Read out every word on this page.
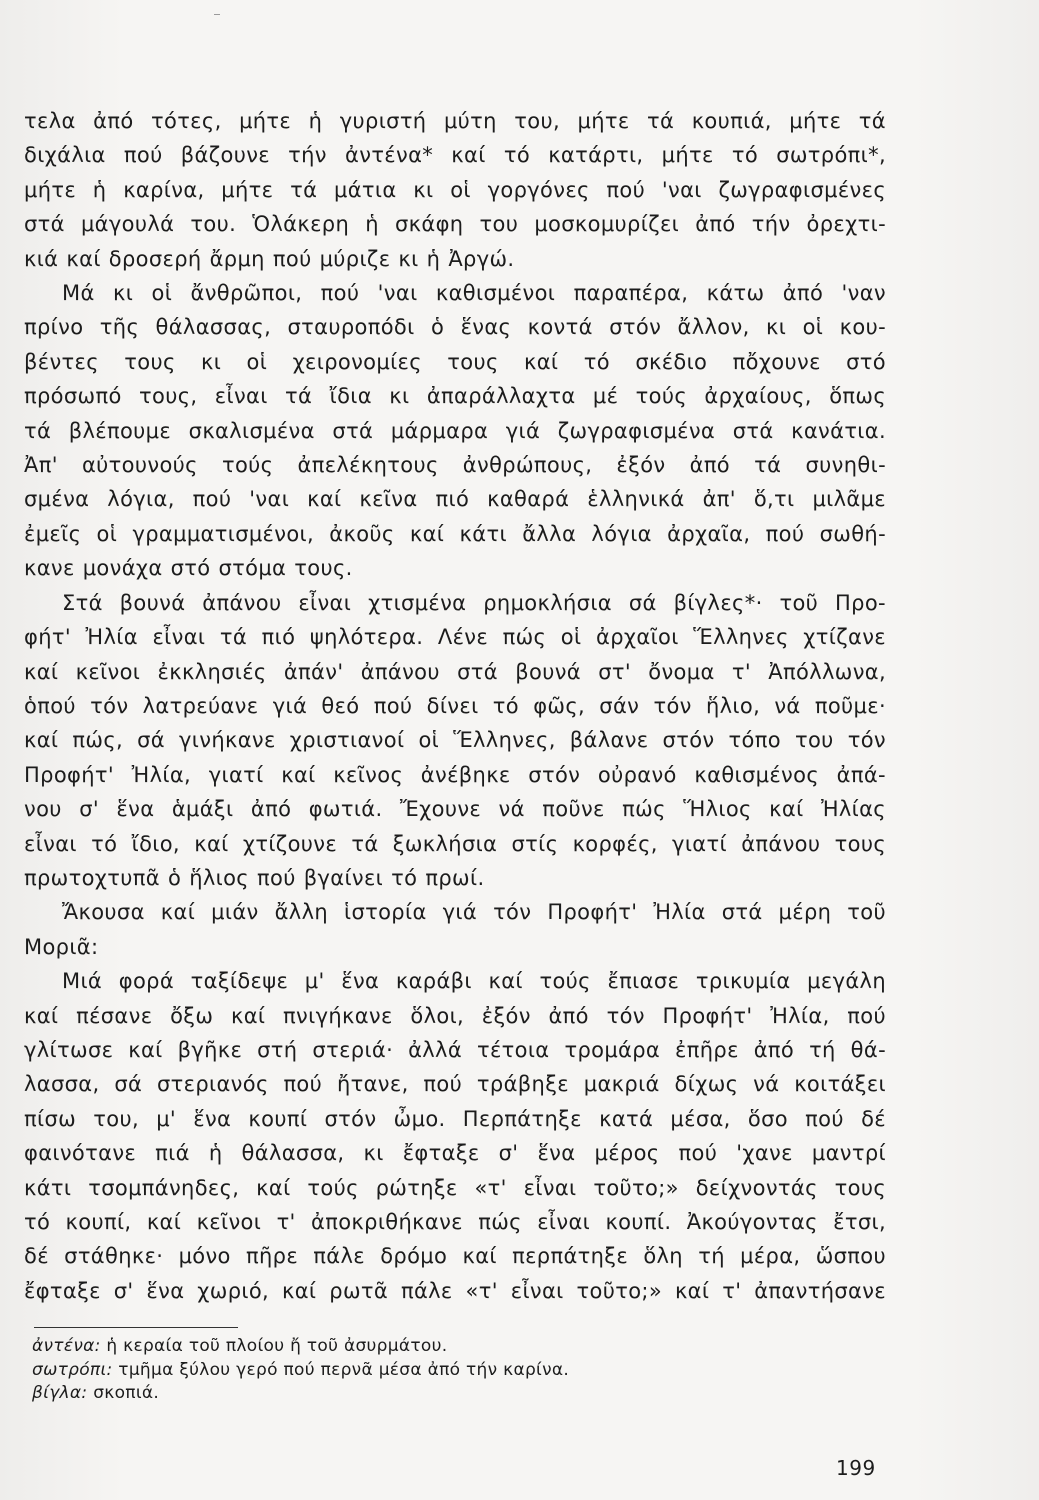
τελα ἀπό τότες, μήτε ἡ γυριστή μύτη του, μήτε τά κουπιά, μήτε τά
διχάλια πού βάζουνε τήν ἀντένα* καί τό κατάρτι, μήτε τό σωτρόπι*,
μήτε ἡ καρίνα, μήτε τά μάτια κι οἱ γοργόνες πού 'ναι ζωγραφισμένες
στά μάγουλά του. Ὁλάκερη ἡ σκάφη του μοσκομυρίζει ἀπό τήν ὀρεχτι-
κιά καί δροσερή ἄρμη πού μύριζε κι ἡ Ἀργώ.
Μά κι οἱ ἄνθρῶποι, πού 'ναι καθισμένοι παραπέρα, κάτω ἀπό 'ναν
πρίνο τῆς θάλασσας, σταυροπόδι ὁ ἕνας κοντά στόν ἄλλον, κι οἱ κου-
βέντες τους κι οἱ χειρονομίες τους καί τό σκέδιο πὄχουνε στό
πρόσωπό τους, εἶναι τά ἴδια κι ἀπαράλλαχτα μέ τούς ἀρχαίους, ὅπως
τά βλέπουμε σκαλισμένα στά μάρμαρα γιά ζωγραφισμένα στά κανάτια.
Ἀπ' αὐτουνούς τούς ἀπελέκητους ἀνθρώπους, ἐξόν ἀπό τά συνηθι-
σμένα λόγια, πού 'ναι καί κεῖνα πιό καθαρά ἑλληνικά ἀπ' ὅ,τι μιλᾶμε
ἐμεῖς οἱ γραμματισμένοι, ἀκοῦς καί κάτι ἄλλα λόγια ἀρχαῖα, πού σωθή-
κανε μονάχα στό στόμα τους.
Στά βουνά ἀπάνου εἶναι χτισμένα ρημοκλήσια σά βίγλες*· τοῦ Προ-
φήτ' Ἠλία εἶναι τά πιό ψηλότερα. Λένε πώς οἱ ἀρχαῖοι Ἕλληνες χτίζανε
καί κεῖνοι ἐκκλησιές ἀπάν' ἀπάνου στά βουνά στ' ὄνομα τ' Ἀπόλλωνα,
ὁπού τόν λατρεύανε γιά θεό πού δίνει τό φῶς, σάν τόν ἥλιο, νά ποῦμε·
καί πώς, σά γινήκανε χριστιανοί οἱ Ἕλληνες, βάλανε στόν τόπο του τόν
Προφήτ' Ἠλία, γιατί καί κεῖνος ἀνέβηκε στόν οὐρανό καθισμένος ἀπά-
νου σ' ἕνα ἁμάξι ἀπό φωτιά. Ἔχουνε νά ποῦνε πώς Ἥλιος καί Ἠλίας
εἶναι τό ἴδιο, καί χτίζουνε τά ξωκλήσια στίς κορφές, γιατί ἀπάνου τους
πρωτοχτυπᾶ ὁ ἥλιος πού βγαίνει τό πρωί.
Ἄκουσα καί μιάν ἄλλη ἱστορία γιά τόν Προφήτ' Ἠλία στά μέρη τοῦ
Μοριᾶ:
Μιά φορά ταξίδεψε μ' ἕνα καράβι καί τούς ἔπιασε τρικυμία μεγάλη
καί πέσανε ὄξω καί πνιγήκανε ὅλοι, ἐξόν ἀπό τόν Προφήτ' Ἠλία, πού
γλίτωσε καί βγῆκε στή στεριά· ἀλλά τέτοια τρομάρα ἐπῆρε ἀπό τή θά-
λασσα, σά στεριανός πού ἤτανε, πού τράβηξε μακριά δίχως νά κοιτάξει
πίσω του, μ' ἕνα κουπί στόν ὦμο. Περπάτηξε κατά μέσα, ὅσο πού δέ
φαινότανε πιά ἡ θάλασσα, κι ἔφταξε σ' ἕνα μέρος πού 'χανε μαντρί
κάτι τσομπάνηδες, καί τούς ρώτηξε «τ' εἶναι τοῦτο;» δείχνοντάς τους
τό κουπί, καί κεῖνοι τ' ἀποκριθήκανε πώς εἶναι κουπί. Ἀκούγοντας ἔτσι,
δέ στάθηκε· μόνο πῆρε πάλε δρόμο καί περπάτηξε ὅλη τή μέρα, ὥσπου
ἔφταξε σ' ἕνα χωριό, καί ρωτᾶ πάλε «τ' εἶναι τοῦτο;» καί τ' ἀπαντήσανε
ἀντένα: ἡ κεραία τοῦ πλοίου ἤ τοῦ ἀσυρμάτου.
σωτρόπι: τμῆμα ξύλου γερό πού περνᾶ μέσα ἀπό τήν καρίνα.
βίγλα: σκοπιά.
199
